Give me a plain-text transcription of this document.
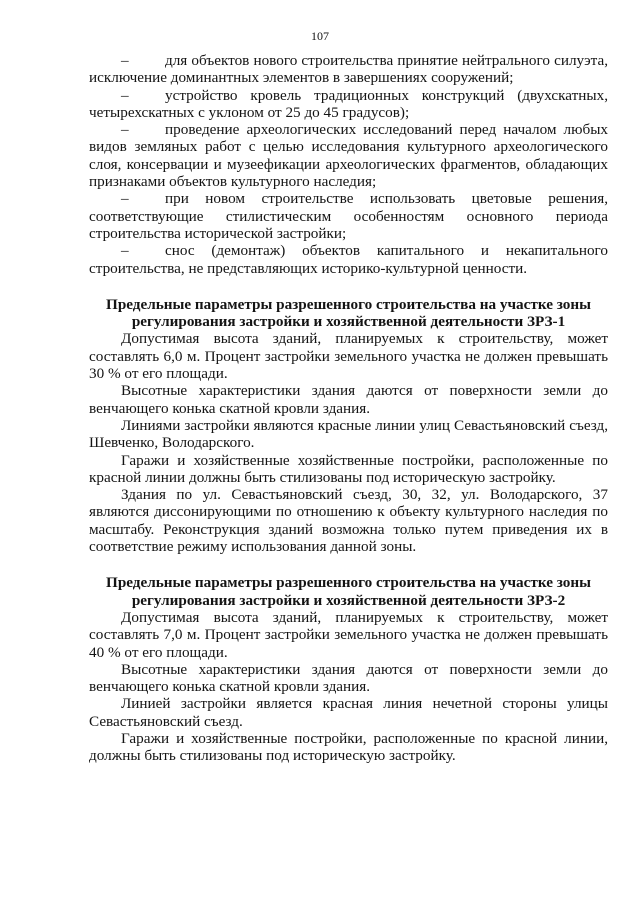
107

– для объектов нового строительства принятие нейтрального силуэта, исключение доминантных элементов в завершениях сооружений;

– устройство кровель традиционных конструкций (двухскатных, четырехскатных с уклоном от 25 до 45 градусов);

– проведение археологических исследований перед началом любых видов земляных работ с целью исследования культурного археологического слоя, консервации и музеефикации археологических фрагментов, обладающих признаками объектов культурного наследия;

– при новом строительстве использовать цветовые решения, соответствующие стилистическим особенностям основного периода строительства исторической застройки;

– снос (демонтаж) объектов капитального и некапитального строительства, не представляющих историко-культурной ценности.

Предельные параметры разрешенного строительства на участке зоны регулирования застройки и хозяйственной деятельности ЗРЗ-1

Допустимая высота зданий, планируемых к строительству, может составлять 6,0 м. Процент застройки земельного участка не должен превышать 30 % от его площади.

Высотные характеристики здания даются от поверхности земли до венчающего конька скатной кровли здания.

Линиями застройки являются красные линии улиц Севастьяновский съезд, Шевченко, Володарского.

Гаражи и хозяйственные хозяйственные постройки, расположенные по красной линии должны быть стилизованы под историческую застройку.

Здания по ул. Севастьяновский съезд, 30, 32, ул. Володарского, 37 являются диссонирующими по отношению к объекту культурного наследия по масштабу. Реконструкция зданий возможна только путем приведения их в соответствие режиму использования данной зоны.

Предельные параметры разрешенного строительства на участке зоны регулирования застройки и хозяйственной деятельности ЗРЗ-2

Допустимая высота зданий, планируемых к строительству, может составлять 7,0 м. Процент застройки земельного участка не должен превышать 40 % от его площади.

Высотные характеристики здания даются от поверхности земли до венчающего конька скатной кровли здания.

Линией застройки является красная линия нечетной стороны улицы Севастьяновский съезд.

Гаражи и хозяйственные постройки, расположенные по красной линии, должны быть стилизованы под историческую застройку.
